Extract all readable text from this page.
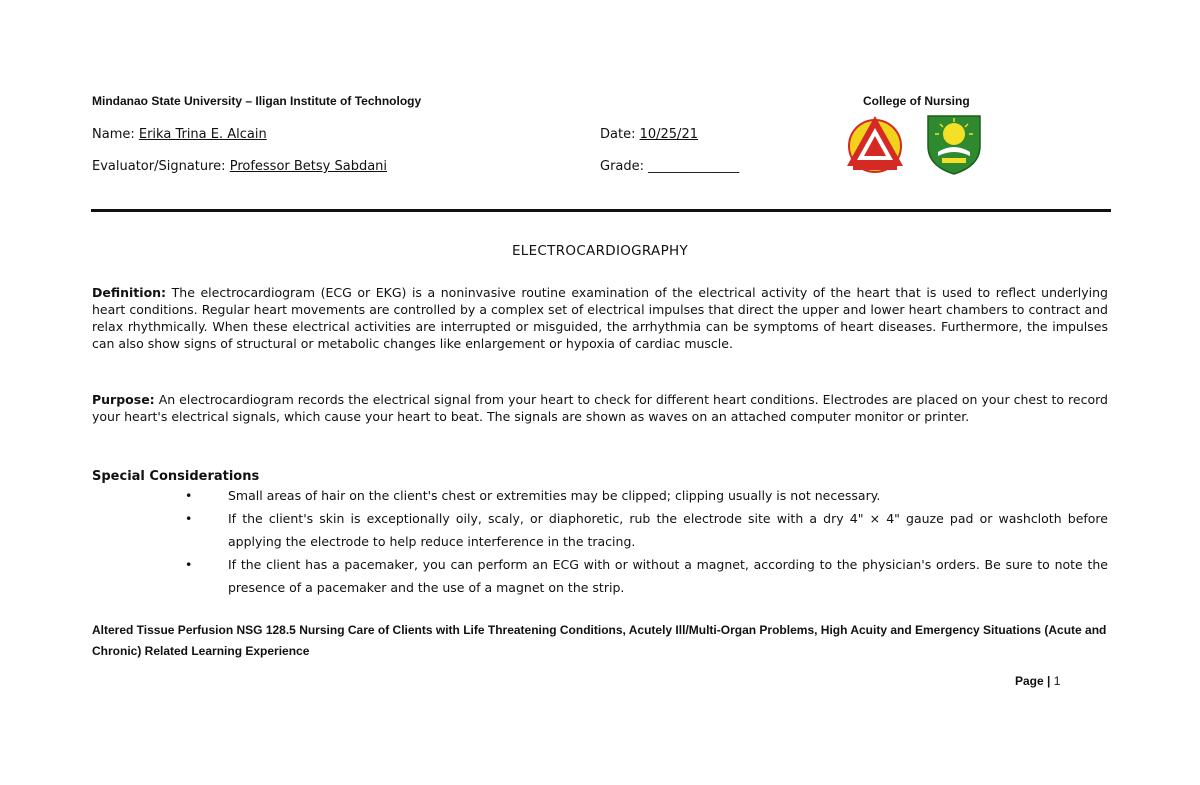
Mindanao State University – Iligan Institute of Technology	College of Nursing
Name: Erika Trina E. Alcain	Date: 10/25/21
Evaluator/Signature: Professor Betsy Sabdani	Grade: ______________
ELECTROCARDIOGRAPHY
Definition: The electrocardiogram (ECG or EKG) is a noninvasive routine examination of the electrical activity of the heart that is used to reflect underlying heart conditions. Regular heart movements are controlled by a complex set of electrical impulses that direct the upper and lower heart chambers to contract and relax rhythmically. When these electrical activities are interrupted or misguided, the arrhythmia can be symptoms of heart diseases. Furthermore, the impulses can also show signs of structural or metabolic changes like enlargement or hypoxia of cardiac muscle.
Purpose: An electrocardiogram records the electrical signal from your heart to check for different heart conditions. Electrodes are placed on your chest to record your heart's electrical signals, which cause your heart to beat. The signals are shown as waves on an attached computer monitor or printer.
Special Considerations
•	Small areas of hair on the client's chest or extremities may be clipped; clipping usually is not necessary.
•	If the client's skin is exceptionally oily, scaly, or diaphoretic, rub the electrode site with a dry 4" × 4" gauze pad or washcloth before applying the electrode to help reduce interference in the tracing.
•	If the client has a pacemaker, you can perform an ECG with or without a magnet, according to the physician's orders. Be sure to note the presence of a pacemaker and the use of a magnet on the strip.
Altered Tissue Perfusion NSG 128.5 Nursing Care of Clients with Life Threatening Conditions, Acutely Ill/Multi-Organ Problems, High Acuity and Emergency Situations (Acute and Chronic) Related Learning Experience
Page | 1
